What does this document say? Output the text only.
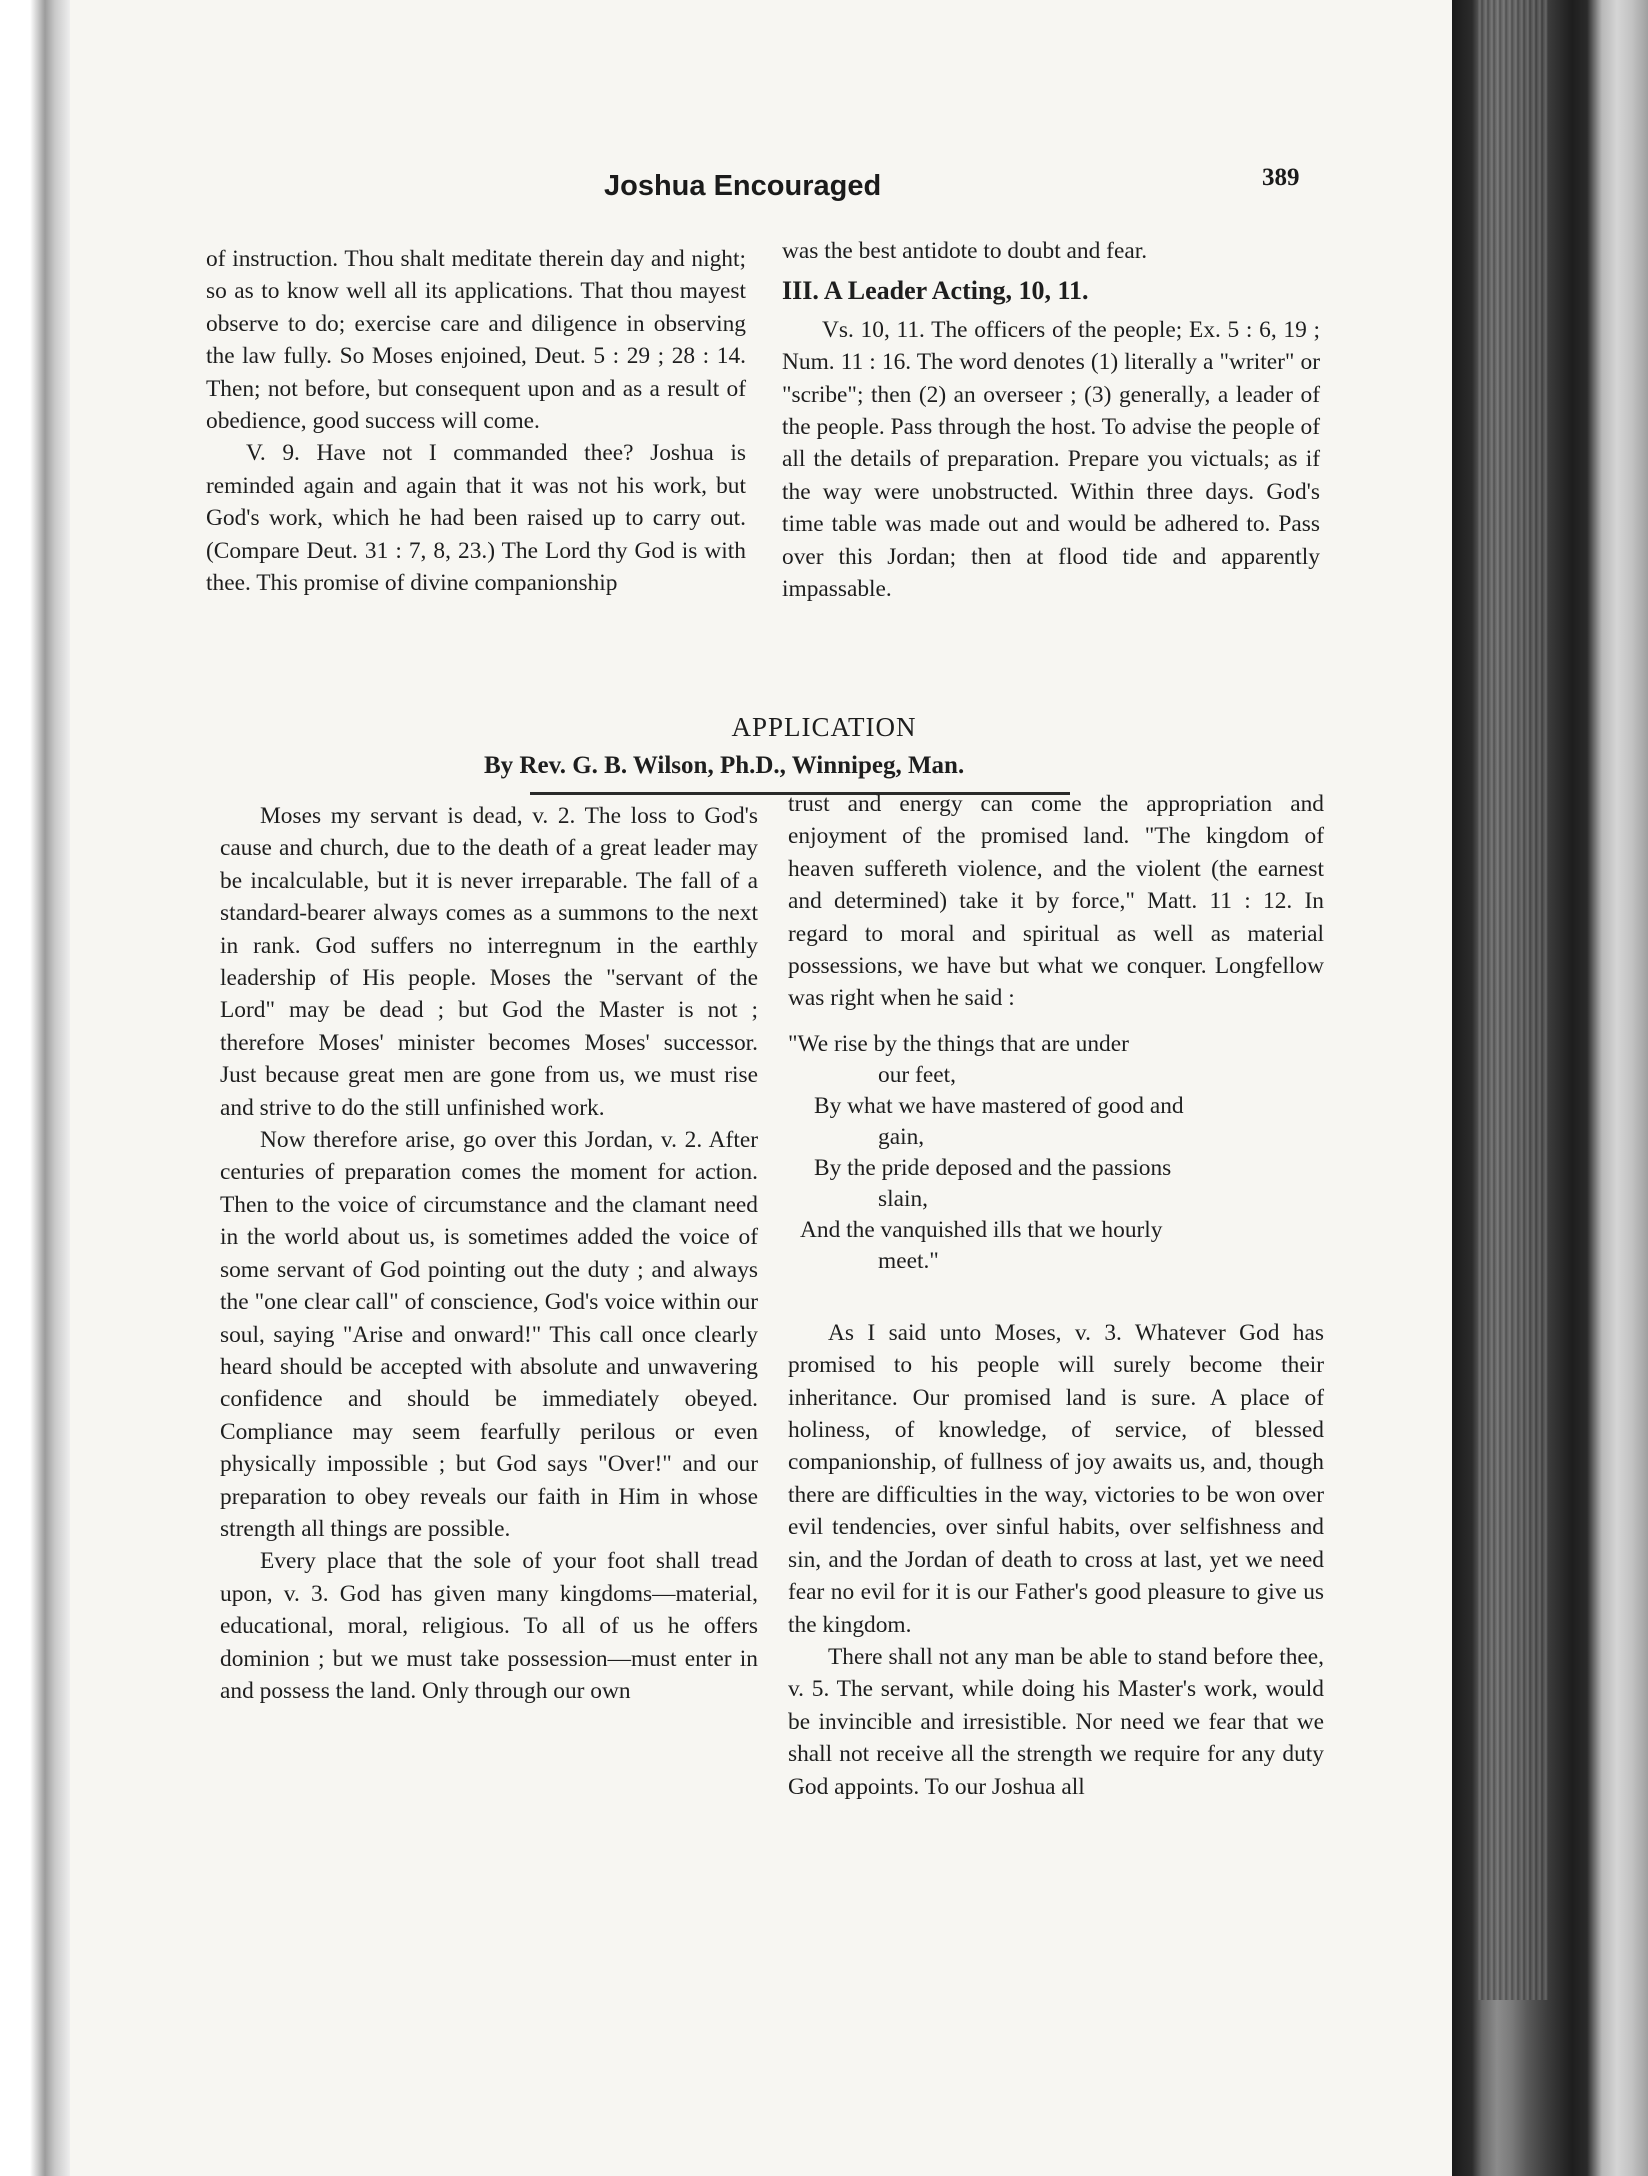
Joshua Encouraged	389

of instruction. Thou shalt meditate therein day and night; so as to know well all its applications. That thou mayest observe to do; exercise care and diligence in observing the law fully. So Moses enjoined, Deut. 5 : 29 ; 28 : 14. Then; not before, but consequent upon and as a result of obedience, good success will come.

V. 9. Have not I commanded thee? Joshua is reminded again and again that it was not his work, but God's work, which he had been raised up to carry out. (Compare Deut. 31 : 7, 8, 23.) The Lord thy God is with thee. This promise of divine companionship

was the best antidote to doubt and fear.

III. A Leader Acting, 10, 11.

Vs. 10, 11. The officers of the people; Ex. 5 : 6, 19 ; Num. 11 : 16. The word denotes (1) literally a "writer" or "scribe"; then (2) an overseer ; (3) generally, a leader of the people. Pass through the host. To advise the people of all the details of preparation. Prepare you victuals; as if the way were unobstructed. Within three days. God's time table was made out and would be adhered to. Pass over this Jordan; then at flood tide and apparently impassable.

APPLICATION
By Rev. G. B. Wilson, Ph.D., Winnipeg, Man.

Moses my servant is dead, v. 2. The loss to God's cause and church, due to the death of a great leader may be incalculable, but it is never irreparable. The fall of a standard-bearer always comes as a summons to the next in rank. God suffers no interregnum in the earthly leadership of His people. Moses the "servant of the Lord" may be dead ; but God the Master is not ; therefore Moses' minister becomes Moses' successor. Just because great men are gone from us, we must rise and strive to do the still unfinished work.

Now therefore arise, go over this Jordan, v. 2. After centuries of preparation comes the moment for action. Then to the voice of circumstance and the clamant need in the world about us, is sometimes added the voice of some servant of God pointing out the duty ; and always the "one clear call" of conscience, God's voice within our soul, saying "Arise and onward!" This call once clearly heard should be accepted with absolute and unwavering confidence and should be immediately obeyed. Compliance may seem fearfully perilous or even physically impossible ; but God says "Over!" and our preparation to obey reveals our faith in Him in whose strength all things are possible.

Every place that the sole of your foot shall tread upon, v. 3. God has given many kingdoms—material, educational, moral, religious. To all of us he offers dominion ; but we must take possession—must enter in and possess the land. Only through our own

trust and energy can come the appropriation and enjoyment of the promised land. "The kingdom of heaven suffereth violence, and the violent (the earnest and determined) take it by force," Matt. 11 : 12. In regard to moral and spiritual as well as material possessions, we have but what we conquer. Longfellow was right when he said :

"We rise by the things that are under
our feet,
By what we have mastered of good and
gain,
By the pride deposed and the passions
slain,
And the vanquished ills that we hourly
meet."

As I said unto Moses, v. 3. Whatever God has promised to his people will surely become their inheritance. Our promised land is sure. A place of holiness, of knowledge, of service, of blessed companionship, of fullness of joy awaits us, and, though there are difficulties in the way, victories to be won over evil tendencies, over sinful habits, over selfishness and sin, and the Jordan of death to cross at last, yet we need fear no evil for it is our Father's good pleasure to give us the kingdom.

There shall not any man be able to stand before thee, v. 5. The servant, while doing his Master's work, would be invincible and irresistible. Nor need we fear that we shall not receive all the strength we require for any duty God appoints. To our Joshua all
